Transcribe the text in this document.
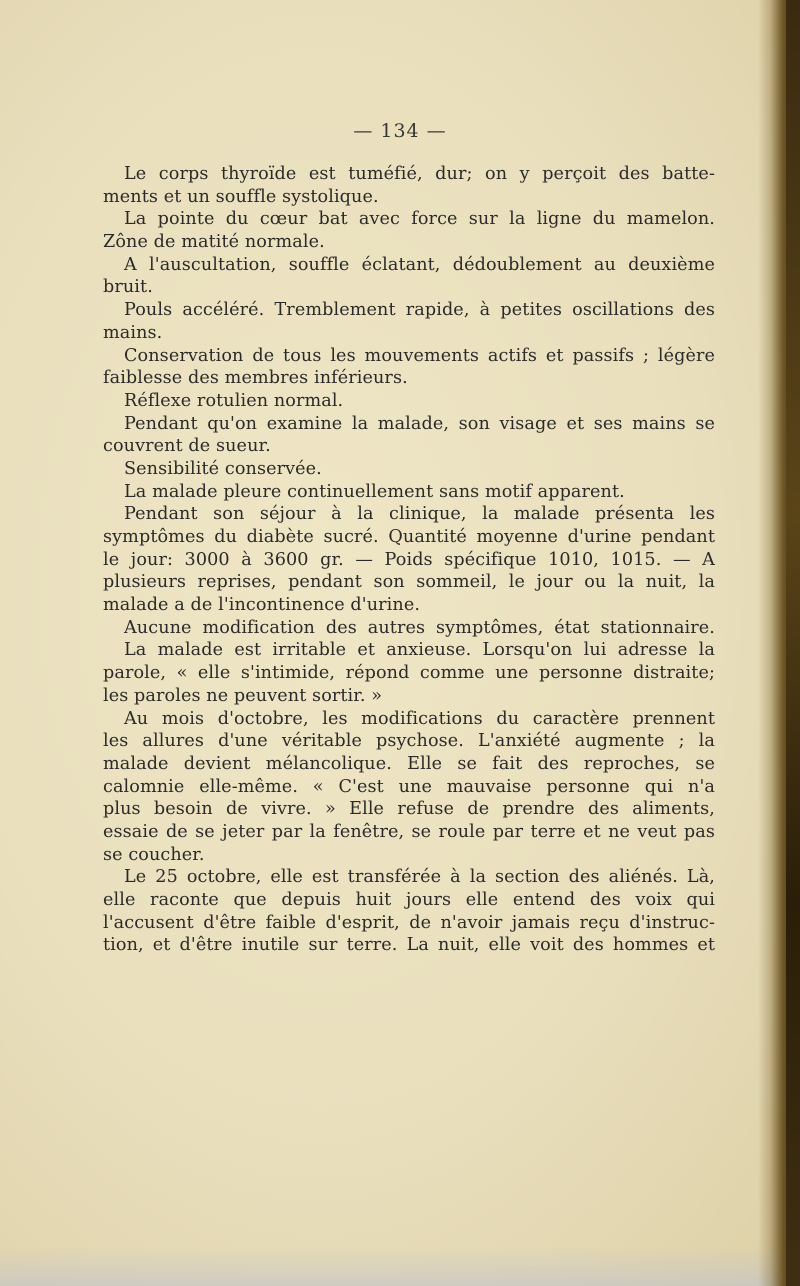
— 134 —
Le corps thyroïde est tuméfié, dur; on y perçoit des batte-
ments et un souffle systolique.
La pointe du cœur bat avec force sur la ligne du mamelon.
Zône de matité normale.
A l'auscultation, souffle éclatant, dédoublement au deuxième
bruit.
Pouls accéléré. Tremblement rapide, à petites oscillations des
mains.
Conservation de tous les mouvements actifs et passifs ; légère
faiblesse des membres inférieurs.
Réflexe rotulien normal.
Pendant qu'on examine la malade, son visage et ses mains se
couvrent de sueur.
Sensibilité conservée.
La malade pleure continuellement sans motif apparent.
Pendant son séjour à la clinique, la malade présenta les
symptômes du diabète sucré. Quantité moyenne d'urine pendant
le jour: 3000 à 3600 gr. — Poids spécifique 1010, 1015. — A
plusieurs reprises, pendant son sommeil, le jour ou la nuit, la
malade a de l'incontinence d'urine.
Aucune modification des autres symptômes, état stationnaire.
La malade est irritable et anxieuse. Lorsqu'on lui adresse la
parole, « elle s'intimide, répond comme une personne distraite;
les paroles ne peuvent sortir. »
Au mois d'octobre, les modifications du caractère prennent
les allures d'une véritable psychose. L'anxiété augmente ; la
malade devient mélancolique. Elle se fait des reproches, se
calomnie elle-même. « C'est une mauvaise personne qui n'a
plus besoin de vivre. » Elle refuse de prendre des aliments,
essaie de se jeter par la fenêtre, se roule par terre et ne veut pas
se coucher.
Le 25 octobre, elle est transférée à la section des aliénés. Là,
elle raconte que depuis huit jours elle entend des voix qui
l'accusent d'être faible d'esprit, de n'avoir jamais reçu d'instruc-
tion, et d'être inutile sur terre. La nuit, elle voit des hommes et
